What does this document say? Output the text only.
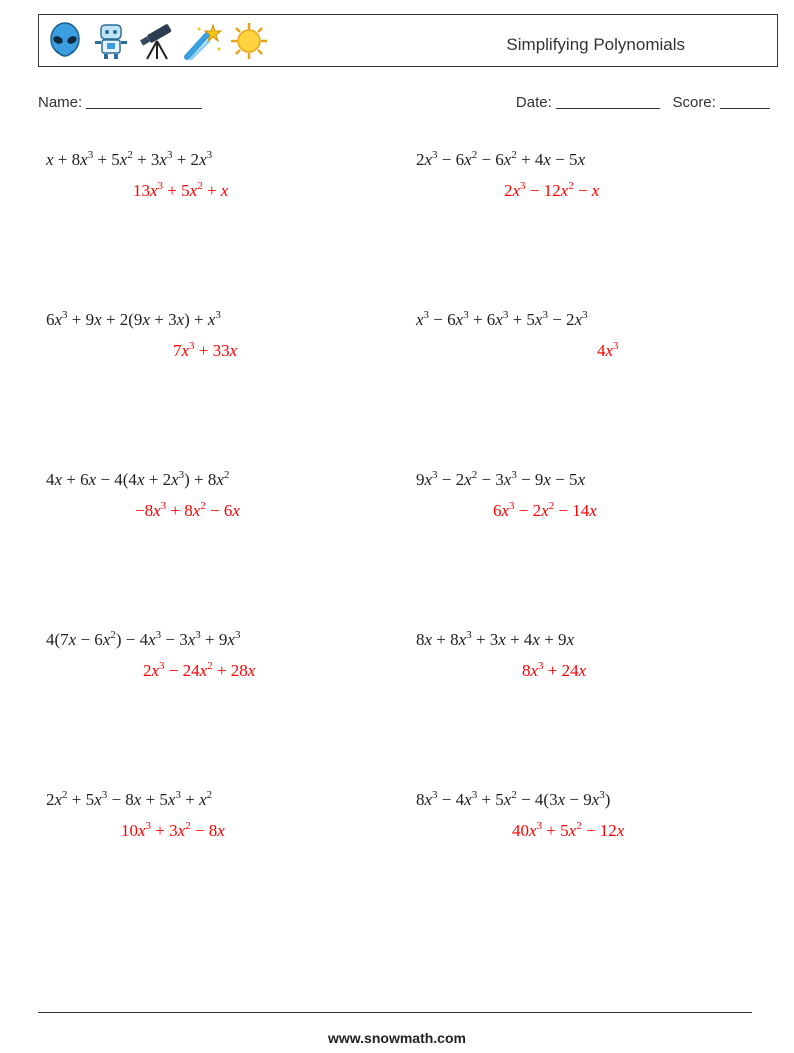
Simplifying Polynomials
Name:	Date:	Score:
$x + 8x^3 + 5x^2 + 3x^3 + 2x^3$
$13x^3 + 5x^2 + x$
$2x^3 - 6x^2 - 6x^2 + 4x - 5x$
$2x^3 - 12x^2 - x$
$6x^3 + 9x + 2(9x + 3x) + x^3$
$7x^3 + 33x$
$x^3 - 6x^3 + 6x^3 + 5x^3 - 2x^3$
$4x^3$
$4x + 6x - 4(4x + 2x^3) + 8x^2$
$-8x^3 + 8x^2 - 6x$
$9x^3 - 2x^2 - 3x^3 - 9x - 5x$
$6x^3 - 2x^2 - 14x$
$4(7x - 6x^2) - 4x^3 - 3x^3 + 9x^3$
$2x^3 - 24x^2 + 28x$
$8x + 8x^3 + 3x + 4x + 9x$
$8x^3 + 24x$
$2x^2 + 5x^3 - 8x + 5x^3 + x^2$
$10x^3 + 3x^2 - 8x$
$8x^3 - 4x^3 + 5x^2 - 4(3x - 9x^3)$
$40x^3 + 5x^2 - 12x$
www.snowmath.com
